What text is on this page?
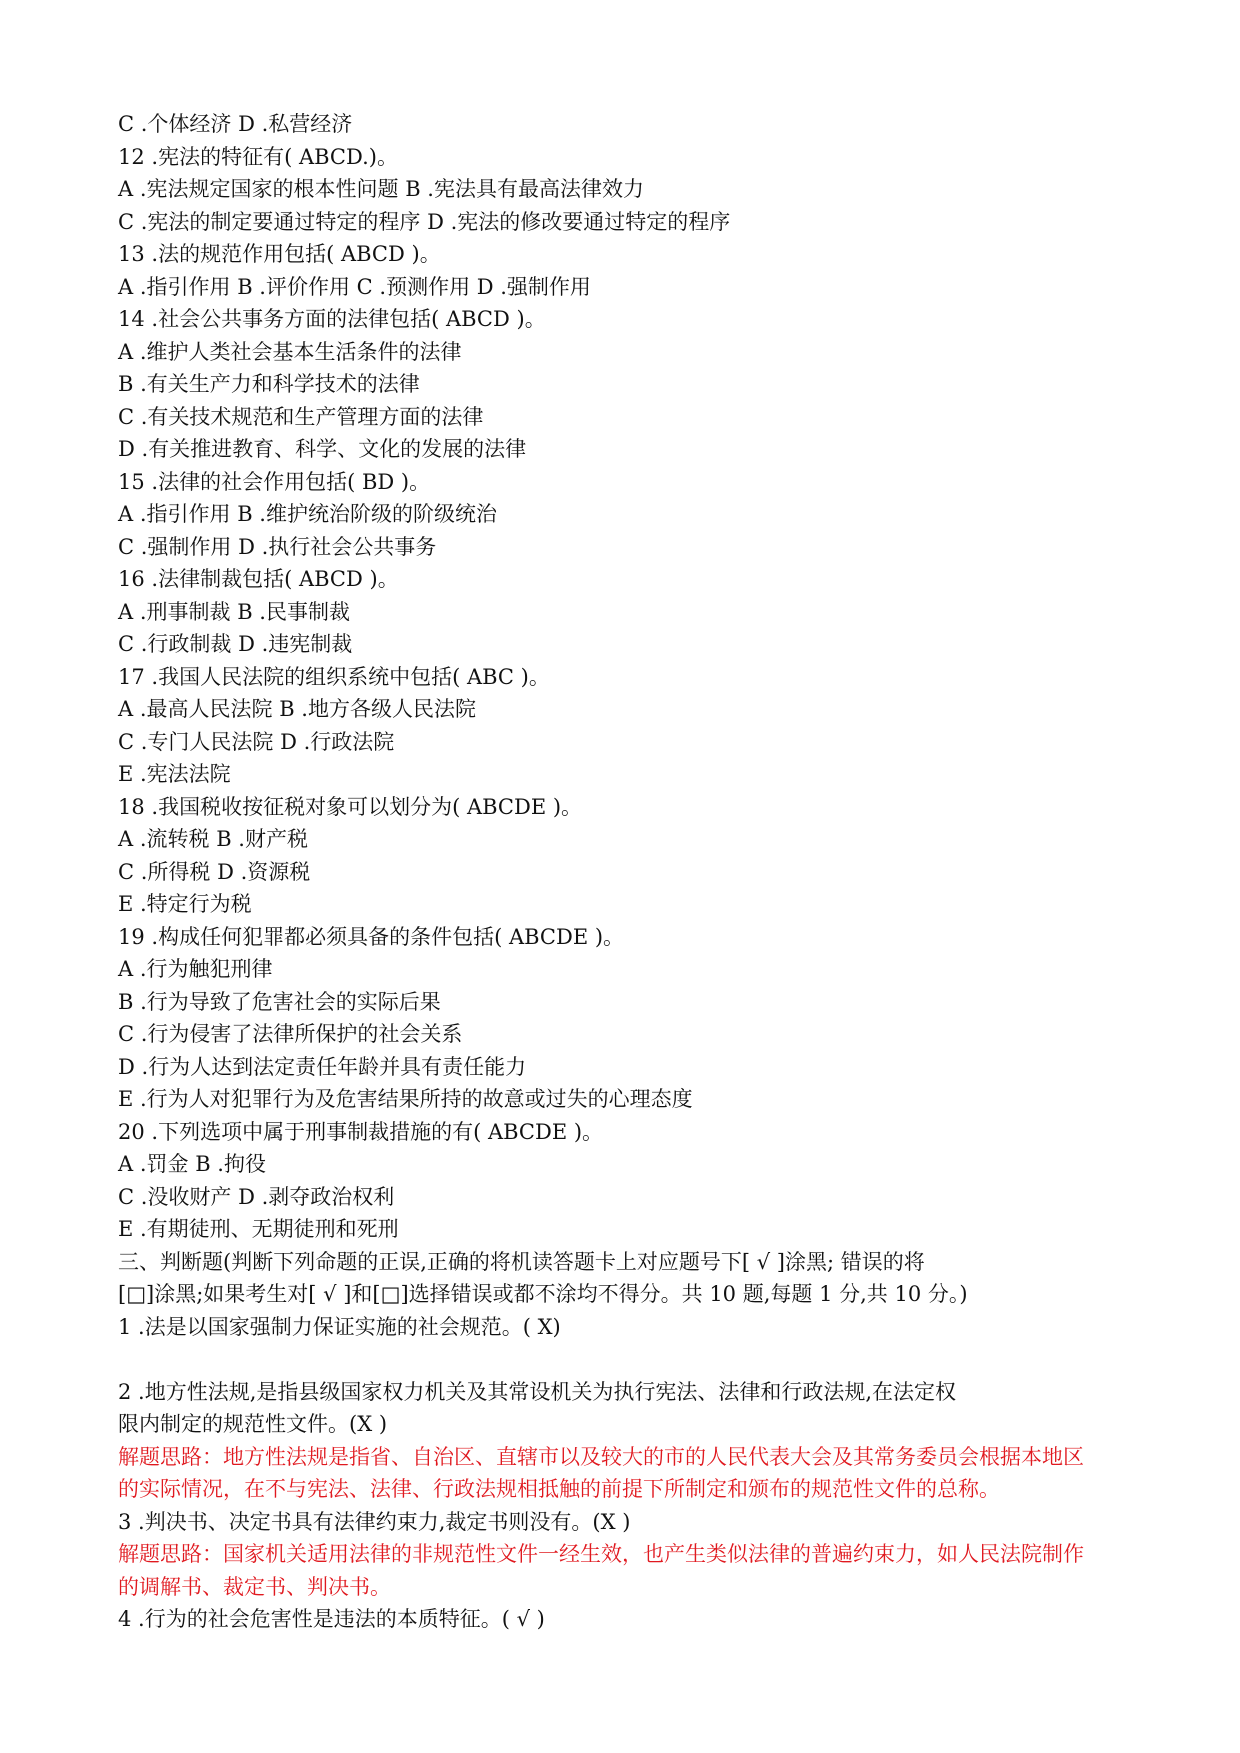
C .个体经济 D .私营经济
12 .宪法的特征有( ABCD.)。
A .宪法规定国家的根本性问题 B .宪法具有最高法律效力
C .宪法的制定要通过特定的程序 D .宪法的修改要通过特定的程序
13 .法的规范作用包括( ABCD )。
A .指引作用 B .评价作用 C .预测作用 D .强制作用
14 .社会公共事务方面的法律包括( ABCD )。
A .维护人类社会基本生活条件的法律
B .有关生产力和科学技术的法律
C .有关技术规范和生产管理方面的法律
D .有关推进教育、科学、文化的发展的法律
15 .法律的社会作用包括( BD )。
A .指引作用 B .维护统治阶级的阶级统治
C .强制作用 D .执行社会公共事务
16 .法律制裁包括( ABCD )。
A .刑事制裁 B .民事制裁
C .行政制裁 D .违宪制裁
17 .我国人民法院的组织系统中包括( ABC )。
A .最高人民法院 B .地方各级人民法院
C .专门人民法院 D .行政法院
E .宪法法院
18 .我国税收按征税对象可以划分为( ABCDE )。
A .流转税 B .财产税
C .所得税 D .资源税
E .特定行为税
19 .构成任何犯罪都必须具备的条件包括( ABCDE )。
A .行为触犯刑律
B .行为导致了危害社会的实际后果
C .行为侵害了法律所保护的社会关系
D .行为人达到法定责任年龄并具有责任能力
E .行为人对犯罪行为及危害结果所持的故意或过失的心理态度
20 .下列选项中属于刑事制裁措施的有( ABCDE )。
A .罚金 B .拘役
C .没收财产 D .剥夺政治权利
E .有期徒刑、无期徒刑和死刑
三、判断题(判断下列命题的正误,正确的将机读答题卡上对应题号下[ √ ]涂黑; 错误的将
[□]涂黑;如果考生对[ √ ]和[□]选择错误或都不涂均不得分。共 10 题,每题 1 分,共 10 分。)
1 .法是以国家强制力保证实施的社会规范。( X)
2 .地方性法规,是指县级国家权力机关及其常设机关为执行宪法、法律和行政法规,在法定权
限内制定的规范性文件。(X )
解题思路：地方性法规是指省、自治区、直辖市以及较大的市的人民代表大会及其常务委员会根据本地区
的实际情况，在不与宪法、法律、行政法规相抵触的前提下所制定和颁布的规范性文件的总称。
3 .判决书、决定书具有法律约束力,裁定书则没有。(X )
解题思路：国家机关适用法律的非规范性文件一经生效，也产生类似法律的普遍约束力，如人民法院制作
的调解书、裁定书、判决书。
4 .行为的社会危害性是违法的本质特征。( √ )
